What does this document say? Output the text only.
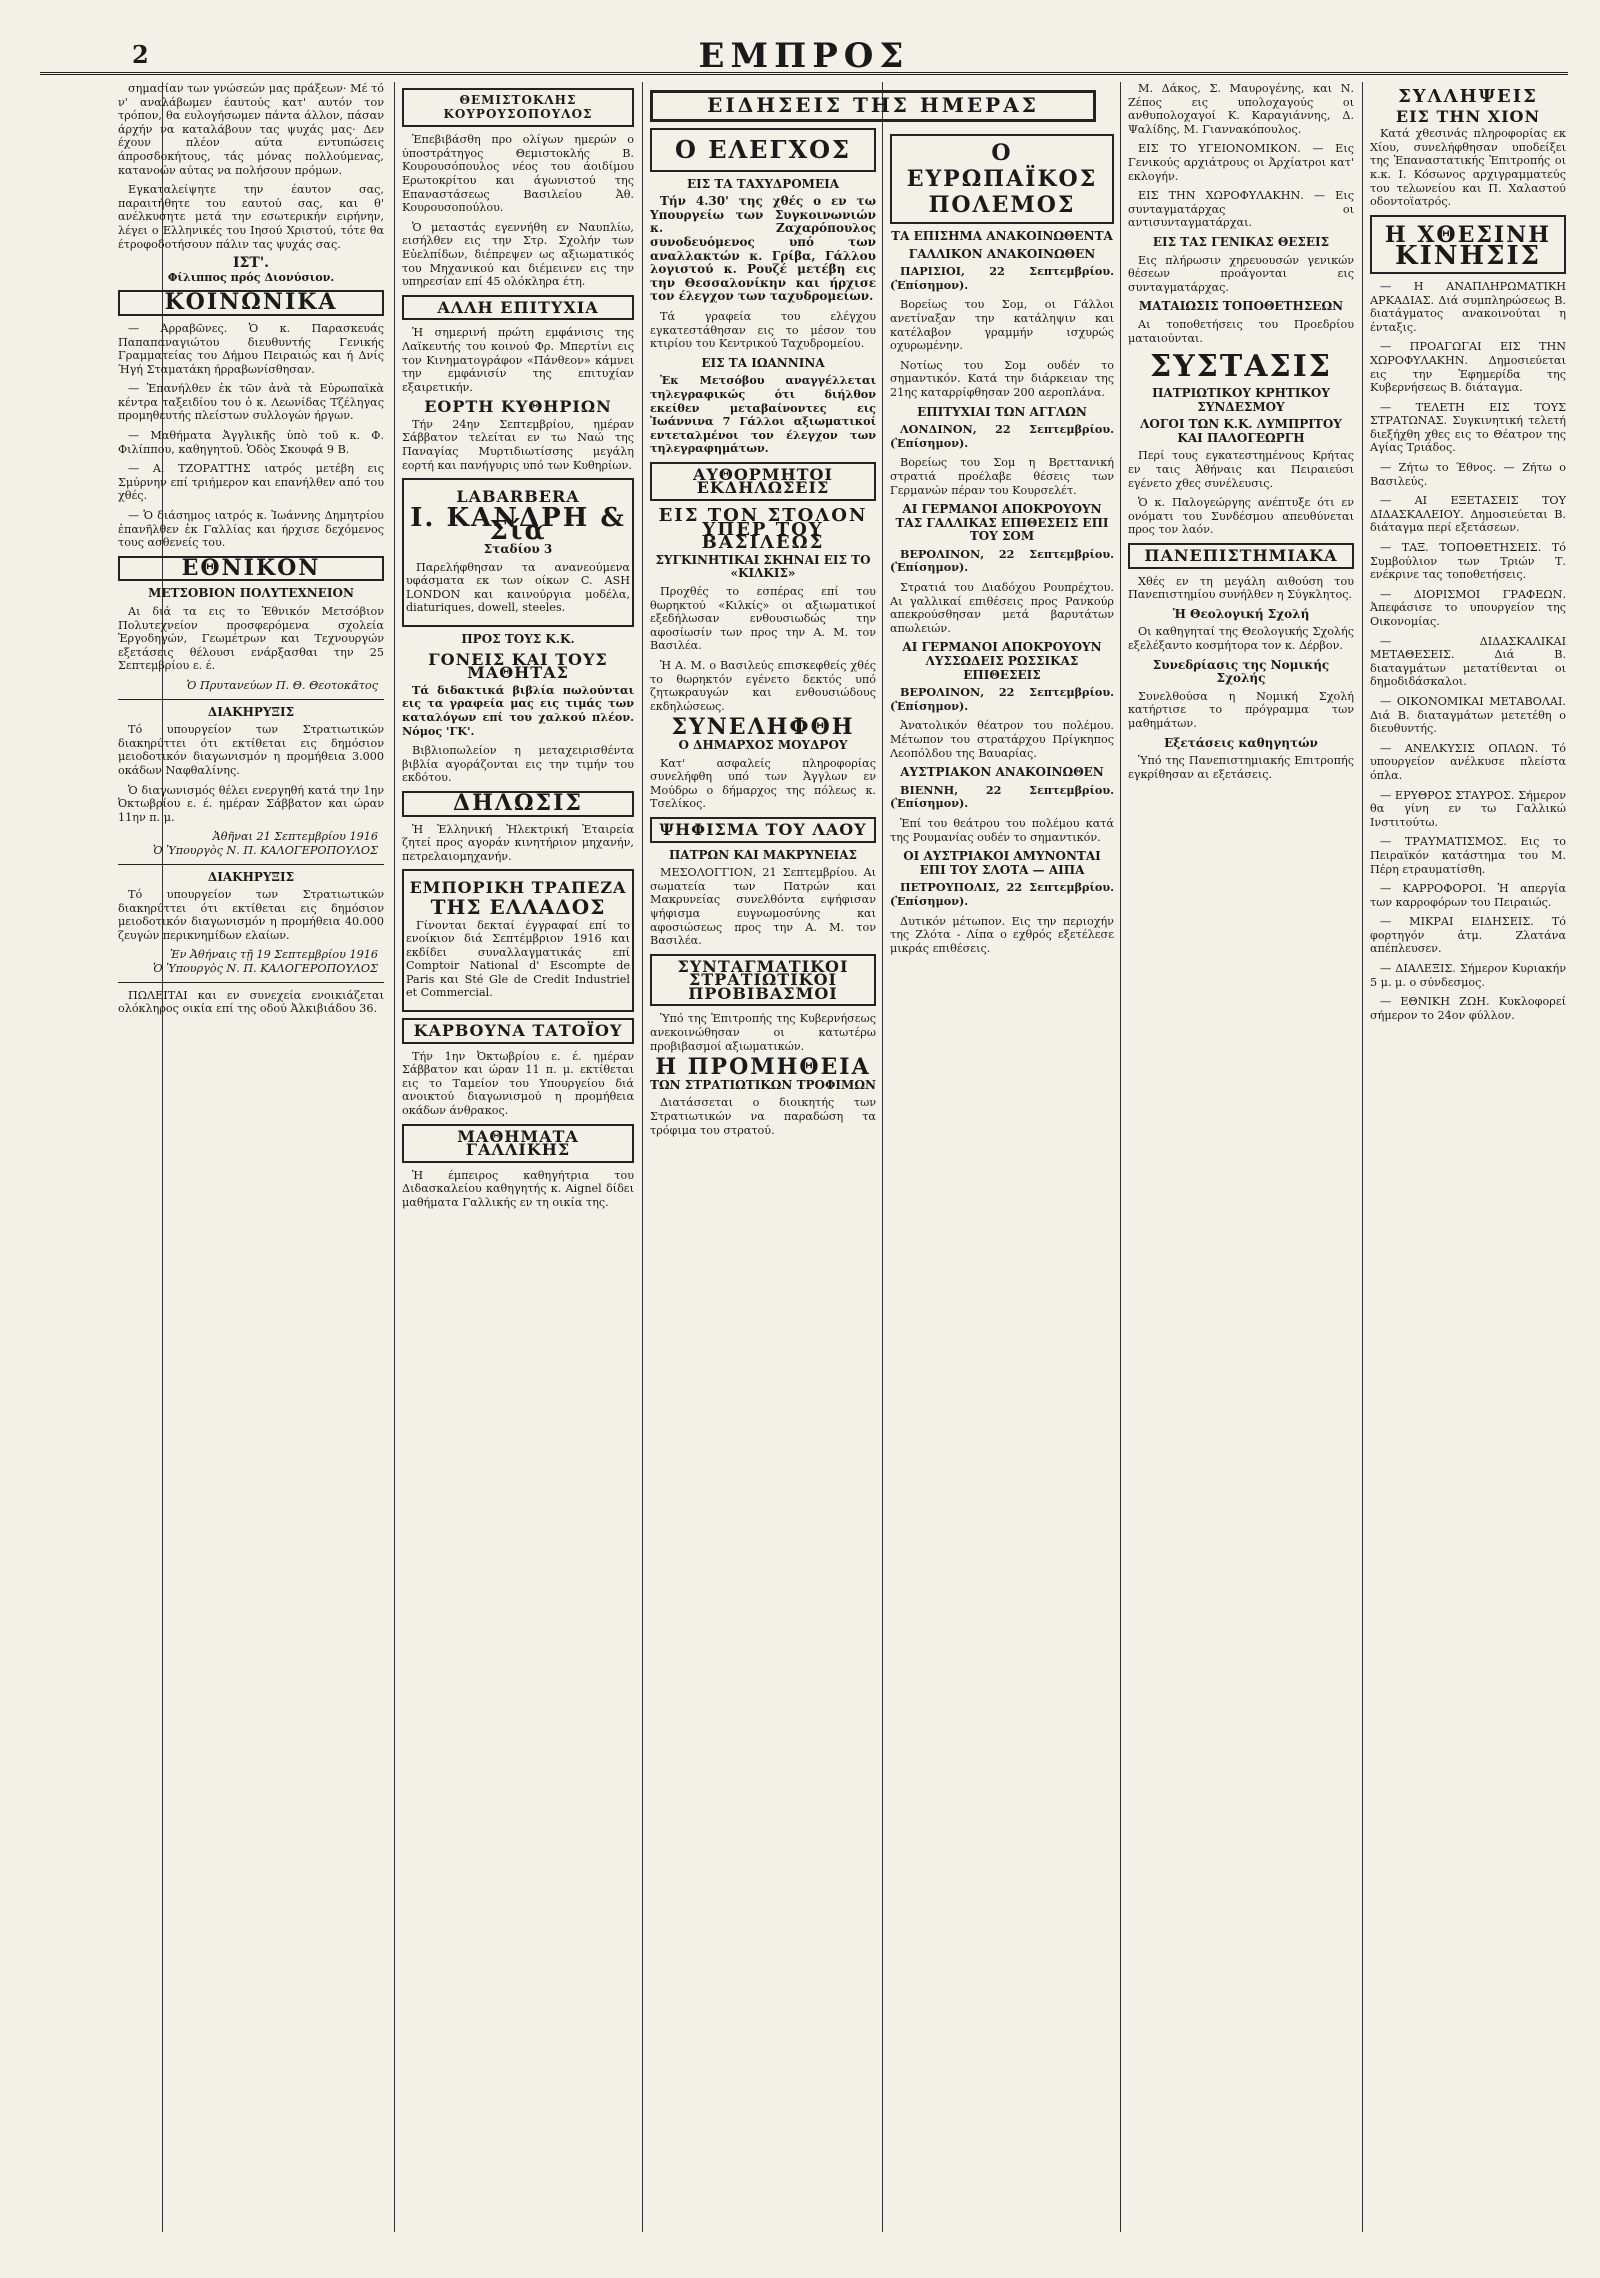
2	ΕΜΠΡΟΣ

σημασίαν των γνώσεών μας πράξεων· Μέ τό ν' αναλάβωμεν έαυτούς κατ' αυτόν τον τρόπον, θα ευλογήσωμεν πάντα άλλον, πάσαν άρχήν να καταλάβουν τας ψυχάς μας· Δεν έχουν πλέον αύτα εντυπώσεις άπροσδοκήτους, τάς μόνας πολλούμενας, κατανοών αύτας να πολήσουν πρόμων.

Εγκαταλείψητε την έαυτον σας, παραιτήθητε του εαυτού σας, και θ' ανέλκυσητε μετά την εσωτερικήν ειρήνην, λέγει ο Ελληνικές του Ιησού Χριστού, τότε θα έτροφοδοτήσουν πάλιν τας ψυχάς σας.

ΙΣΤ'.
Φίλιππος πρός Διονύσιον.
ΚΟΙΝΩΝΙΚΑ

— Ἀρραβῶνες. Ὁ κ. Παρασκευάς Παπαπαναγιώτου διευθυντής Γενικής Γραμματείας του Δήμου Πειραιώς και ή Δνίς Ήγή Σταματάκη ήρραβωνίσθησαν.

— Ἐπανήλθεν ἐκ τῶν ἀνὰ τὰ Εὐρωπαϊκὰ κέντρα ταξειδίου του ὁ κ. Λεωνίδας Τζέληγας προμηθευτής πλείστων συλλογών ήργων.

— Μαθήματα Ἀγγλικῆς ὑπὸ τοῦ κ. Φ. Φιλίππου, καθηγητοῦ. Ὁδὸς Σκουφά 9 Β.

— Α. ΤΖΟΡΑΤΤΗΣ ιατρός μετέβη εις Σμύρνην επί τριήμερον και επανήλθεν από του χθές.

— Ὁ διάσημος ιατρός κ. Ἰωάννης Δημητρίου ἐπανῆλθεν ἐκ Γαλλίας και ήρχισε δεχόμενος τους ασθενείς του.

ΕΘΝΙΚΟΝ
ΜΕΤΣΟΒΙΟΝ ΠΟΛΥΤΕΧΝΕΙΟΝ

Αι διά τα εις το Ἐθνικόν Μετσόβιον Πολυτεχνείον προσφερόμενα σχολεία Ἐργοδηγών, Γεωμέτρων και Τεχνουργών εξετάσεις θέλουσι ενάρξασθαι την 25 Σεπτεμβρίου ε. έ.

Ὁ Πρυτανεύων Π. Θ. Θεοτοκᾶτος
ΔΙΑΚΗΡΥΞΙΣ

Τό υπουργείον των Στρατιωτικών διακηρύττει ότι εκτίθεται εις δημόσιον μειοδοτικόν διαγωνισμόν η προμήθεια 3.000 οκάδων Ναφθαλίνης.

Ὁ διαγωνισμός θέλει ενεργηθή κατά την 1ην Ὀκτωβρίου ε. έ. ημέραν Σάββατον και ώραν 11ην π. μ.

Ἀθῆναι 21 Σεπτεμβρίου 1916
Ὁ Ὑπουργὸς Ν. Π. ΚΑΛΟΓΕΡΟΠΟΥΛΟΣ
ΔΙΑΚΗΡΥΞΙΣ

Τό υπουργείον των Στρατιωτικών διακηρύττει ότι εκτίθεται εις δημόσιον μειοδοτικόν διαγωνισμόν η προμήθεια 40.000 ζευγών περικνημίδων ελαίων.

Ἐν Ἀθήναις τῇ 19 Σεπτεμβρίου 1916
Ὁ Ὑπουργὸς Ν. Π. ΚΑΛΟΓΕΡΟΠΟΥΛΟΣ

ΠΩΛΕΙΤΑΙ και εν συνεχεία ενοικιάζεται ολόκληρος οικία επί της οδού Ἀλκιβιάδου 36.

ΘΕΜΙΣΤΟΚΛΗΣ ΚΟΥΡΟΥΣΟΠΟΥΛΟΣ

Ἐπεβιβάσθη προ ολίγων ημερών ο ύποστράτηγος Θεμιστοκλής Β. Κουρουσόπουλος νέος του άοιδίμου Ερωτοκρίτου και άγωνιστού της Επαναστάσεως Βασιλείου Ἀθ. Κουρουσοπούλου.

Ὁ μεταστάς εγεννήθη εν Ναυπλίω, εισήλθεν εις την Στρ. Σχολήν των Εὐελπίδων, διέπρεψεν ως αξιωματικός του Μηχανικού και διέμεινεν εις την υπηρεσίαν επί 45 ολόκληρα έτη.

ΑΛΛΗ ΕΠΙΤΥΧΙΑ

Ἡ σημερινή πρώτη εμφάνισις της Λαϊκευτής του κοινού Φρ. Μπερτίνι εις τον Κινηματογράφον «Πάνθεον» κάμνει την εμφάνισίν της επιτυχίαν εξαιρετικήν.

ΕΟΡΤΗ ΚΥΘΗΡΙΩΝ

Τήν 24ην Σεπτεμβρίου, ημέραν Σάββατον τελείται εν τω Ναώ της Παναγίας Μυρτιδιωτίσσης μεγάλη εορτή και πανήγυρις υπό των Κυθηρίων.

LABARBERA
Ι. ΚΑΝΔΡΗ & Σία
Σταδίου 3

Παρελήφθησαν τα ανανεούμενα υφάσματα εκ των οίκων C. ASH LONDON και καινούργια μοδέλα, diaturiques, dowell, steeles.

ΠΡΟΣ ΤΟΥΣ Κ.Κ.
ΓΟΝΕΙΣ ΚΑΙ ΤΟΥΣ ΜΑΘΗΤΑΣ

Τά διδακτικά βιβλία πωλούνται εις τα γραφεία μας εις τιμάς των καταλόγων επί του χαλκού πλέον. Νόμος 'ΓΚ'.

Βιβλιοπωλείον η μεταχειρισθέντα βιβλία αγοράζονται εις την τιμήν του εκδότου.

ΔΗΛΩΣΙΣ

Ἡ Ἑλληνική Ἠλεκτρική Ἑταιρεία ζητεί προς αγοράν κινητήριον μηχανήν, πετρελαιομηχανήν.

ΕΜΠΟΡΙΚΗ ΤΡΑΠΕΖΑ
ΤΗΣ ΕΛΛΑΔΟΣ

Γίνονται δεκταί έγγραφαί επί το ενοίκιον διά Σεπτέμβριον 1916 και εκδίδει συναλλαγματικάς επί Comptoir National d' Escompte de Paris και Sté Gle de Credit Industriel et Commercial.

ΚΑΡΒΟΥΝΑ ΤΑΤΟΪΟΥ

Τήν 1ην Ὀκτωβρίου ε. έ. ημέραν Σάββατον και ώραν 11 π. μ. εκτίθεται εις το Ταμείον του Υπουργείου διά ανοικτού διαγωνισμού η προμήθεια οκάδων άνθρακος.

ΜΑΘΗΜΑΤΑ ΓΑΛΛΙΚΗΣ

Ἡ έμπειρος καθηγήτρια του Διδασκαλείου καθηγητής κ. Aignel δίδει μαθήματα Γαλλικής εν τη οικία της.

ΕΙΔΗΣΕΙΣ ΤΗΣ ΗΜΕΡΑΣ
Ο ΕΛΕΓΧΟΣ
ΕΙΣ ΤΑ ΤΑΧΥΔΡΟΜΕΙΑ

Τήν 4.30' της χθές ο εν τω Υπουργείω των Συγκοινωνιών κ. Ζαχαρόπουλος συνοδευόμενος υπό των αναλλακτών κ. Γρίβα, Γάλλου λογιστού κ. Ρουζέ μετέβη εις την Θεσσαλονίκην και ήρχισε τον έλεγχον των ταχυδρομείων.

Τά γραφεία του ελέγχου εγκατεστάθησαν εις το μέσον του κτιρίου του Κεντρικού Ταχυδρομείου.

ΕΙΣ ΤΑ ΙΩΑΝΝΙΝΑ

Ἐκ Μετσόβου αναγγέλλεται τηλεγραφικώς ότι διήλθον εκείθεν μεταβαίνοντες εις Ἰωάννινα 7 Γάλλοι αξιωματικοί εντεταλμένοι τον έλεγχον των τηλεγραφημάτων.

ΑΥΘΟΡΜΗΤΟΙ ΕΚΔΗΛΩΣΕΙΣ
ΕΙΣ ΤΟΝ ΣΤΟΛΟΝ ΥΠΕΡ ΤΟΥ ΒΑΣΙΛΕΩΣ
ΣΥΓΚΙΝΗΤΙΚΑΙ ΣΚΗΝΑΙ ΕΙΣ ΤΟ «ΚΙΛΚΙΣ»

Προχθές το εσπέρας επί του θωρηκτού «Κιλκίς» οι αξιωματικοί εξεδήλωσαν ενθουσιωδώς την αφοσίωσίν των προς την Α. Μ. τον Βασιλέα.

Ἡ Α. Μ. ο Βασιλεύς επισκεφθείς χθές το θωρηκτόν εγένετο δεκτός υπό ζητωκραυγών και ενθουσιώδους εκδηλώσεως.

ΣΥΝΕΛΗΦΘΗ
Ο ΔΗΜΑΡΧΟΣ ΜΟΥΔΡΟΥ

Κατ' ασφαλείς πληροφορίας συνελήφθη υπό των Ἀγγλων εν Μούδρω ο δήμαρχος της πόλεως κ. Τσελίκος.

ΨΗΦΙΣΜΑ ΤΟΥ ΛΑΟΥ
ΠΑΤΡΩΝ ΚΑΙ ΜΑΚΡΥΝΕΙΑΣ

ΜΕΣΟΛΟΓΓΙΟΝ, 21 Σεπτεμβρίου. Αι σωματεία των Πατρών και Μακρυνείας συνελθόντα εψήφισαν ψήφισμα ευγνωμοσύνης και αφοσιώσεως προς την Α. Μ. τον Βασιλέα.

ΣΥΝΤΑΓΜΑΤΙΚΟΙ ΣΤΡΑΤΙΩΤΙΚΟΙ ΠΡΟΒΙΒΑΣΜΟΙ

Ὑπό της Ἐπιτροπής της Κυβερνήσεως ανεκοινώθησαν οι κατωτέρω προβιβασμοί αξιωματικών.

Η ΠΡΟΜΗΘΕΙΑ
ΤΩΝ ΣΤΡΑΤΙΩΤΙΚΩΝ ΤΡΟΦΙΜΩΝ

Διατάσσεται ο διοικητής των Στρατιωτικών να παραδώση τα τρόφιμα του στρατού.

Ο ΕΥΡΩΠΑΪΚΟΣ ΠΟΛΕΜΟΣ
ΤΑ ΕΠΙΣΗΜΑ ΑΝΑΚΟΙΝΩΘΕΝΤΑ
ΓΑΛΛΙΚΟΝ ΑΝΑΚΟΙΝΩΘΕΝ

ΠΑΡΙΣΙΟΙ, 22 Σεπτεμβρίου. (Ἐπίσημον).

Βορείως του Σομ, οι Γάλλοι ανετίναξαν την κατάληψιν και κατέλαβον γραμμήν ισχυρώς οχυρωμένην.

Νοτίως του Σομ ουδέν το σημαντικόν. Κατά την διάρκειαν της 21ης καταρρίφθησαν 200 αεροπλάνα.

ΕΠΙΤΥΧΙΑΙ ΤΩΝ ΑΓΓΛΩΝ

ΛΟΝΔΙΝΟΝ, 22 Σεπτεμβρίου. (Ἐπίσημον).

Βορείως του Σομ η Βρεττανική στρατιά προέλαβε θέσεις των Γερμανών πέραν του Κουρσελέτ.

ΑΙ ΓΕΡΜΑΝΟΙ ΑΠΟΚΡΟΥΟΥΝ ΤΑΣ ΓΑΛΛΙΚΑΣ ΕΠΙΘΕΣΕΙΣ ΕΠΙ ΤΟΥ ΣΟΜ

ΒΕΡΟΛΙΝΟΝ, 22 Σεπτεμβρίου. (Ἐπίσημον).

Στρατιά του Διαδόχου Ρουπρέχτου. Αι γαλλικαί επιθέσεις προς Ρανκούρ απεκρούσθησαν μετά βαρυτάτων απωλειών.

ΑΙ ΓΕΡΜΑΝΟΙ ΑΠΟΚΡΟΥΟΥΝ ΛΥΣΣΩΔΕΙΣ ΡΩΣΣΙΚΑΣ ΕΠΙΘΕΣΕΙΣ

ΒΕΡΟΛΙΝΟΝ, 22 Σεπτεμβρίου. (Ἐπίσημον).

Ἀνατολικόν θέατρον του πολέμου. Μέτωπον του στρατάρχου Πρίγκηπος Λεοπόλδου της Βαυαρίας.

ΑΥΣΤΡΙΑΚΟΝ ΑΝΑΚΟΙΝΩΘΕΝ

ΒΙΕΝΝΗ, 22 Σεπτεμβρίου. (Ἐπίσημον).

Ἐπί του θεάτρου του πολέμου κατά της Ρουμανίας ουδέν το σημαντικόν.

ΟΙ ΑΥΣΤΡΙΑΚΟΙ ΑΜΥΝΟΝΤΑΙ ΕΠΙ ΤΟΥ ΣΛΟΤΑ — ΑΙΠΑ

ΠΕΤΡΟΥΠΟΛΙΣ, 22 Σεπτεμβρίου. (Ἐπίσημον).

Δυτικόν μέτωπον. Εις την περιοχήν της Ζλότα - Λίπα ο εχθρός εξετέλεσε μικράς επιθέσεις.

Μ. Δάκος, Σ. Μαυρογένης, και Ν. Ζέπος εις υπολοχαγούς οι ανθυπολοχαγοί Κ. Καραγιάννης, Δ. Ψαλίδης, Μ. Γιαννακόπουλος.

ΕΙΣ ΤΟ ΥΓΕΙΟΝΟΜΙΚΟΝ. — Εις Γενικούς αρχιάτρους οι Ἀρχίατροι κατ' εκλογήν.

ΕΙΣ ΤΗΝ ΧΩΡΟΦΥΛΑΚΗΝ. — Εις συνταγματάρχας οι αντισυνταγματάρχαι.

ΕΙΣ ΤΑΣ ΓΕΝΙΚΑΣ ΘΕΣΕΙΣ

Εις πλήρωσιν χηρευουσών γενικών θέσεων προάγονται εις συνταγματάρχας.

ΜΑΤΑΙΩΣΙΣ ΤΟΠΟΘΕΤΗΣΕΩΝ

Αι τοποθετήσεις του Προεδρίου ματαιούνται.

ΣΥΣΤΑΣΙΣ
ΠΑΤΡΙΩΤΙΚΟΥ ΚΡΗΤΙΚΟΥ ΣΥΝΔΕΣΜΟΥ
ΛΟΓΟΙ ΤΩΝ Κ.Κ. ΛΥΜΠΡΙΤΟΥ ΚΑΙ ΠΑΛΟΓΕΩΡΓΗ

Περί τους εγκατεστημένους Κρήτας εν ταις Ἀθήναις και Πειραιεύσι εγένετο χθες συνέλευσις.

Ὁ κ. Παλογεώργης ανέπτυξε ότι εν ονόματι του Συνδέσμου απευθύνεται προς τον λαόν.

ΠΑΝΕΠΙΣΤΗΜΙΑΚΑ

Χθές εν τη μεγάλη αιθούση του Πανεπιστημίου συνήλθεν η Σύγκλητος.

Ἡ Θεολογική Σχολή

Οι καθηγηταί της Θεολογικής Σχολής εξελέξαντο κοσμήτορα τον κ. Δέρβον.

Συνεδρίασις της Νομικής Σχολής

Συνελθούσα η Νομική Σχολή κατήρτισε το πρόγραμμα των μαθημάτων.

Εξετάσεις καθηγητών

Ὑπό της Πανεπιστημιακής Επιτροπής εγκρίθησαν αι εξετάσεις.

ΣΥΛΛΗΨΕΙΣ
ΕΙΣ ΤΗΝ ΧΙΟΝ

Κατά χθεσινάς πληροφορίας εκ Χίου, συνελήφθησαν υποδείξει της Ἐπαναστατικής Ἐπιτροπής οι κ.κ. Ι. Κόσωνος αρχιγραμματεύς του τελωνείου και Π. Χαλαστού οδοντοϊατρός.

Η ΧΘΕΣΙΝΗ
ΚΙΝΗΣΙΣ

— Η ΑΝΑΠΛΗΡΩΜΑΤΙΚΗ ΑΡΚΑΔΙΑΣ. Διά συμπληρώσεως Β. διατάγματος ανακοινούται η ένταξις.

— ΠΡΟΑΓΩΓΑΙ ΕΙΣ ΤΗΝ ΧΩΡΟΦΥΛΑΚΗΝ. Δημοσιεύεται εις την Ἐφημερίδα της Κυβερνήσεως Β. διάταγμα.

— ΤΕΛΕΤΗ ΕΙΣ ΤΟΥΣ ΣΤΡΑΤΩΝΑΣ. Συγκινητική τελετή διεξήχθη χθες εις το Θέατρον της Αγίας Τριάδος.

— Ζήτω το Έθνος. — Ζήτω ο Βασιλεύς.

— ΑΙ ΕΞΕΤΑΣΕΙΣ ΤΟΥ ΔΙΔΑΣΚΑΛΕΙΟΥ. Δημοσιεύεται Β. διάταγμα περί εξετάσεων.

— ΤΑΞ. ΤΟΠΟΘΕΤΗΣΕΙΣ. Τό Συμβούλιον των Τριών Τ. ενέκρινε τας τοποθετήσεις.

— ΔΙΟΡΙΣΜΟΙ ΓΡΑΦΕΩΝ. Ἀπεφάσισε το υπουργείον της Οικονομίας.

— ΔΙΔΑΣΚΑΛΙΚΑΙ ΜΕΤΑΘΕΣΕΙΣ. Διά Β. διαταγμάτων μετατίθενται οι δημοδιδάσκαλοι.

— ΟΙΚΟΝΟΜΙΚΑΙ ΜΕΤΑΒΟΛΑΙ. Διά Β. διαταγμάτων μετετέθη ο διευθυντής.

— ΑΝΕΛΚΥΣΙΣ ΟΠΛΩΝ. Τό υπουργείον ανέλκυσε πλείστα όπλα.

— ΕΡΥΘΡΟΣ ΣΤΑΥΡΟΣ. Σήμερον θα γίνη εν τω Γαλλικώ Ινστιτούτω.

— ΤΡΑΥΜΑΤΙΣΜΟΣ. Εις το Πειραϊκόν κατάστημα του Μ. Πέρη ετραυματίσθη.

— ΚΑΡΡΟΦΟΡΟΙ. Ἡ απεργία των καρροφόρων του Πειραιώς.

— ΜΙΚΡΑΙ ΕΙΔΗΣΕΙΣ. Τό φορτηγόν ἀτμ. Ζλατάνα απέπλευσεν.

— ΔΙΑΛΕΞΙΣ. Σήμερον Κυριακήν 5 μ. μ. ο σύνδεσμος.

— ΕΘΝΙΚΗ ΖΩΗ. Κυκλοφορεί σήμερον το 24ον φύλλον.
